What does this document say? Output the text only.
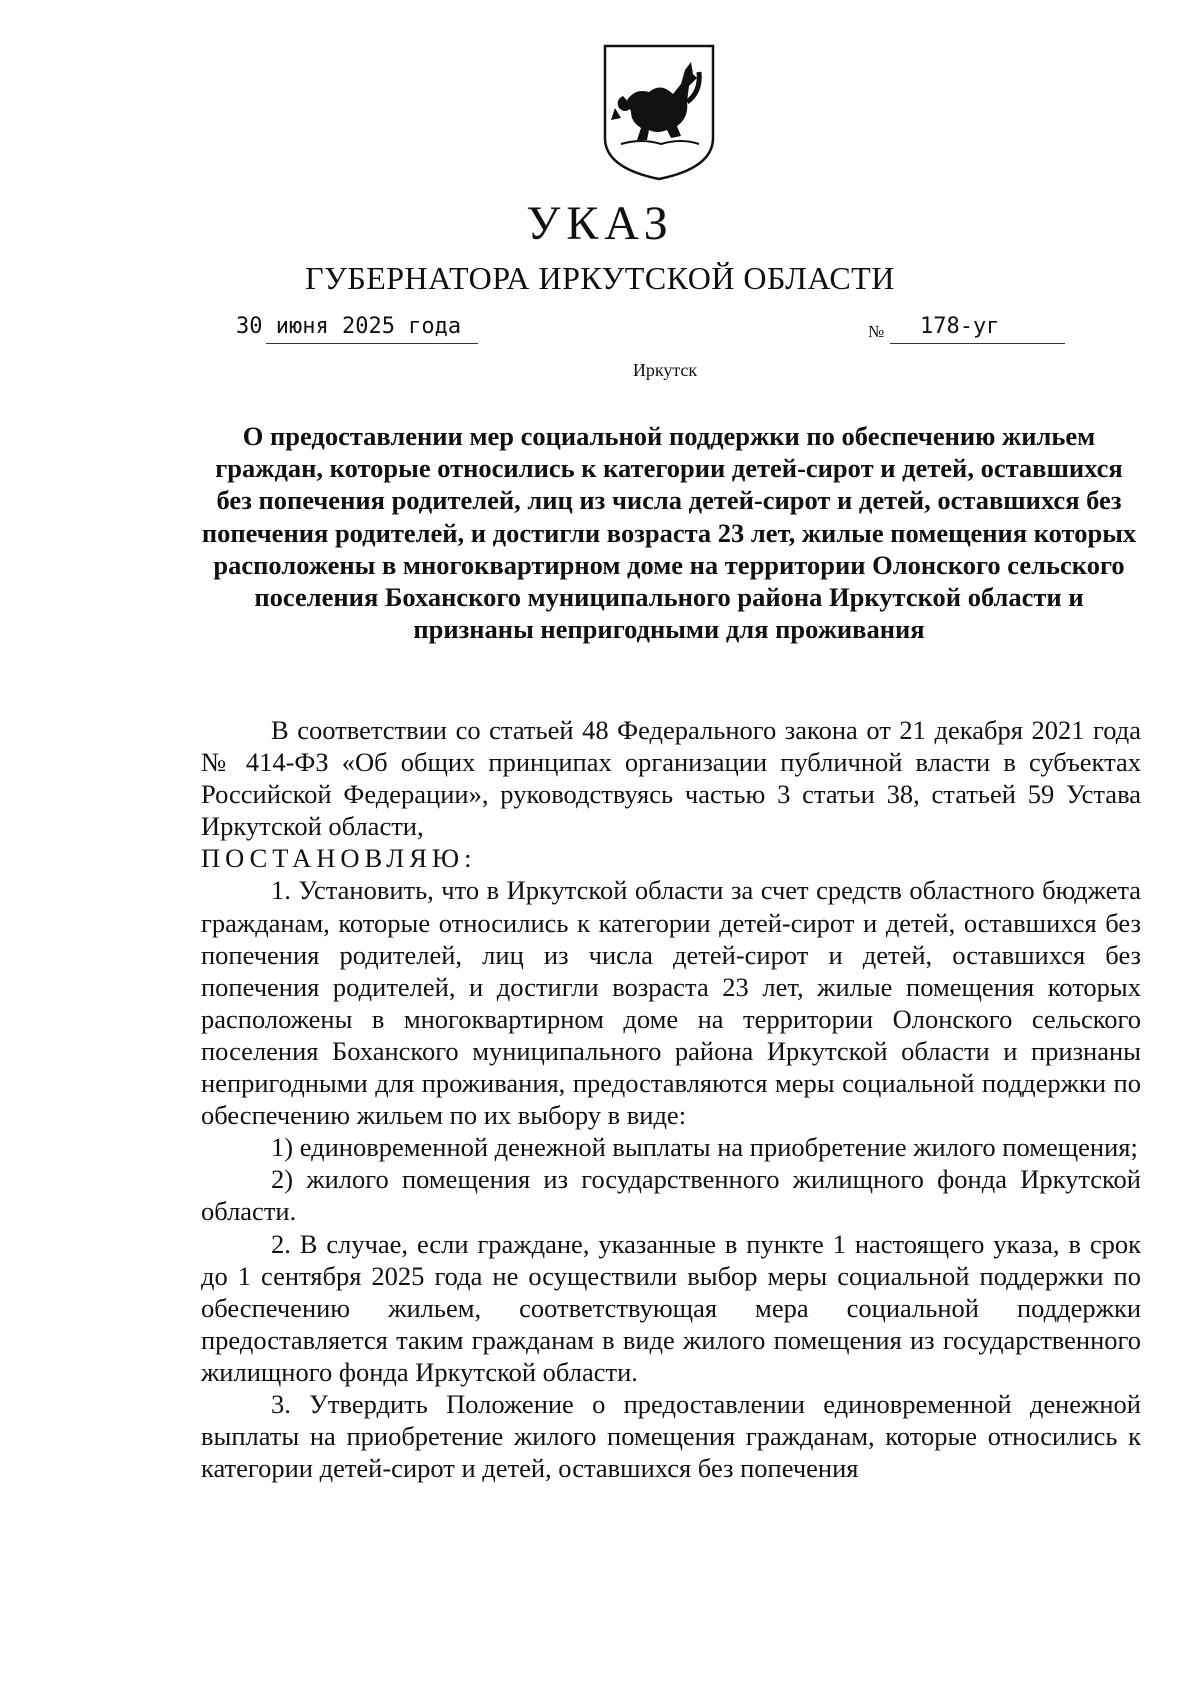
УКАЗ
ГУБЕРНАТОРА ИРКУТСКОЙ ОБЛАСТИ
30 июня 2025 года	№ 178-уг
Иркутск
О предоставлении мер социальной поддержки по обеспечению жильем граждан, которые относились к категории детей-сирот и детей, оставшихся без попечения родителей, лиц из числа детей-сирот и детей, оставшихся без попечения родителей, и достигли возраста 23 лет, жилые помещения которых расположены в многоквартирном доме на территории Олонского сельского поселения Боханского муниципального района Иркутской области и признаны непригодными для проживания

В соответствии со статьей 48 Федерального закона от 21 декабря 2021 года № 414-ФЗ «Об общих принципах организации публичной власти в субъектах Российской Федерации», руководствуясь частью 3 статьи 38, статьей 59 Устава Иркутской области,

ПОСТАНОВЛЯЮ:

1. Установить, что в Иркутской области за счет средств областного бюджета гражданам, которые относились к категории детей-сирот и детей, оставшихся без попечения родителей, лиц из числа детей-сирот и детей, оставшихся без попечения родителей, и достигли возраста 23 лет, жилые помещения которых расположены в многоквартирном доме на территории Олонского сельского поселения Боханского муниципального района Иркутской области и признаны непригодными для проживания, предоставляются меры социальной поддержки по обеспечению жильем по их выбору в виде:

1) единовременной денежной выплаты на приобретение жилого помещения;

2) жилого помещения из государственного жилищного фонда Иркутской области.

2. В случае, если граждане, указанные в пункте 1 настоящего указа, в срок до 1 сентября 2025 года не осуществили выбор меры социальной поддержки по обеспечению жильем, соответствующая мера социальной поддержки предоставляется таким гражданам в виде жилого помещения из государственного жилищного фонда Иркутской области.

3. Утвердить Положение о предоставлении единовременной денежной выплаты на приобретение жилого помещения гражданам, которые относились к категории детей-сирот и детей, оставшихся без попечения
